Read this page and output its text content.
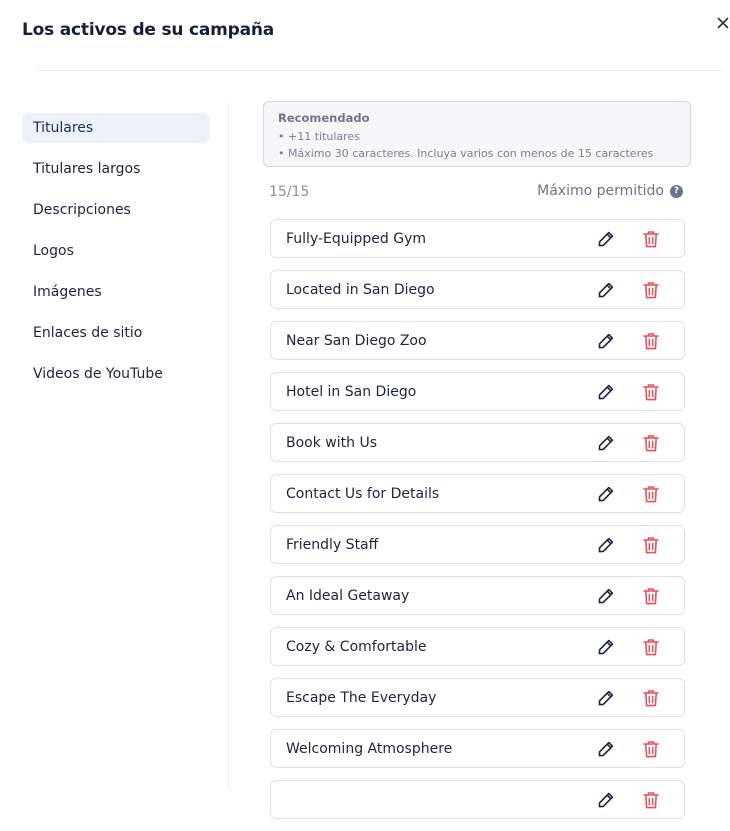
Los activos de su campaña
Titulares
Titulares largos
Descripciones
Logos
Imágenes
Enlaces de sitio
Videos de YouTube
Recomendado
• +11 titulares
• Máximo 30 caracteres. Incluya varios con menos de 15 caracteres
15/15	Máximo permitido	?
Fully-Equipped Gym
Located in San Diego
Near San Diego Zoo
Hotel in San Diego
Book with Us
Contact Us for Details
Friendly Staff
An Ideal Getaway
Cozy & Comfortable
Escape The Everyday
Welcoming Atmosphere
